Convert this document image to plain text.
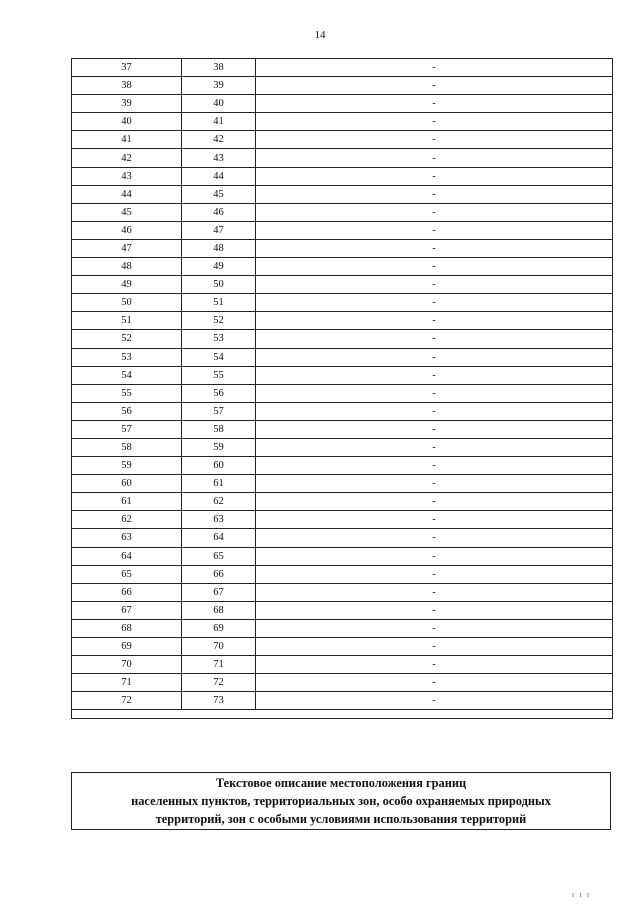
14
37	38	-
38	39	-
39	40	-
40	41	-
41	42	-
42	43	-
43	44	-
44	45	-
45	46	-
46	47	-
47	48	-
48	49	-
49	50	-
50	51	-
51	52	-
52	53	-
53	54	-
54	55	-
55	56	-
56	57	-
57	58	-
58	59	-
59	60	-
60	61	-
61	62	-
62	63	-
63	64	-
64	65	-
65	66	-
66	67	-
67	68	-
68	69	-
69	70	-
70	71	-
71	72	-
72	73	-
Текстовое описание местоположения границ
населенных пунктов, территориальных зон, особо охраняемых природных
территорий, зон с особыми условиями использования территорий
I I I
